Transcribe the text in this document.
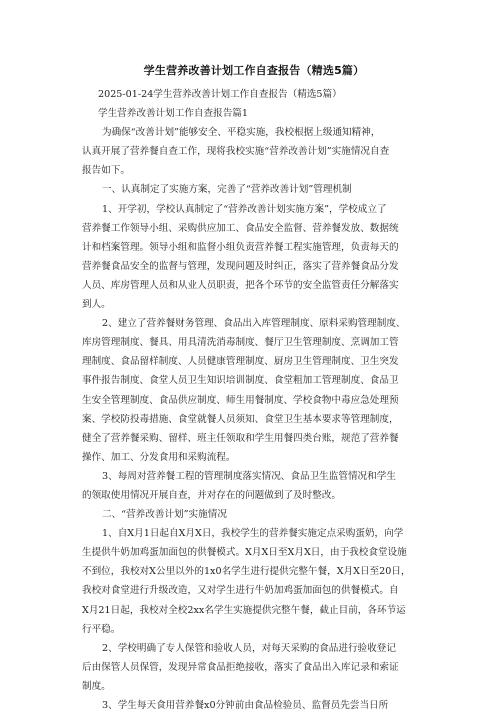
学生营养改善计划工作自查报告（精选5篇）
2025-01-24学生营养改善计划工作自查报告（精选5篇）
学生营养改善计划工作自查报告篇1
为确保“改善计划”能够安全、平稳实施，我校根据上级通知精神，
认真开展了营养餐自查工作，现将我校实施“营养改善计划”实施情况自查
报告如下。
一、认真制定了实施方案，完善了“营养改善计划”管理机制
1、开学初，学校认真制定了“营养改善计划实施方案”，学校成立了
营养餐工作领导小组、采购供应加工、食品安全监督、营养餐发放、数据统
计和档案管理。领导小组和监督小组负责营养餐工程实施管理，负责每天的
营养餐食品安全的监督与管理，发现问题及时纠正，落实了营养餐食品分发
人员、库房管理人员和从业人员职责，把各个环节的安全监管责任分解落实
到人。
2、建立了营养餐财务管理、食品出入库管理制度、原料采购管理制度、
库房管理制度、餐具、用具清洗消毒制度、餐厅卫生管理制度、烹调加工管
理制度、食品留样制度、人员健康管理制度、厨房卫生管理制度、卫生突发
事件报告制度、食堂人员卫生知识培训制度、食堂粗加工管理制度、食品卫
生安全管理制度、食品供应制度、师生用餐制度、学校食物中毒应急处理预
案、学校防投毒措施、食堂就餐人员须知、食堂卫生基本要求等管理制度，
健全了营养餐采购、留样、班主任领取和学生用餐四类台账，规范了营养餐
操作、加工、分发食用和采购流程。
3、每周对营养餐工程的管理制度落实情况、食品卫生监管情况和学生
的领取使用情况开展自查，并对存在的问题做到了及时整改。
二、“营养改善计划”实施情况
1、自X月1日起自X月X日，我校学生的营养餐实施定点采购蛋奶，向学
生提供牛奶加鸡蛋加面包的供餐模式。X月X日至X月X日，由于我校食堂设施
不到位，我校对X公里以外的1x0名学生进行提供完整午餐，X月X日至20日，
我校对食堂进行升级改造，又对学生进行牛奶加鸡蛋加面包的供餐模式。自
X月21日起，我校对全校2xx名学生实施提供完整午餐，截止目前，各环节运
行平稳。
2、学校明确了专人保管和验收人员，对每天采购的食品进行验收登记
后由保管人员保管，发现异常食品拒绝接收，落实了食品出入库记录和索证
制度。
3、学生每天食用营养餐x0分钟前由食品检验员、监督员先尝当日所
